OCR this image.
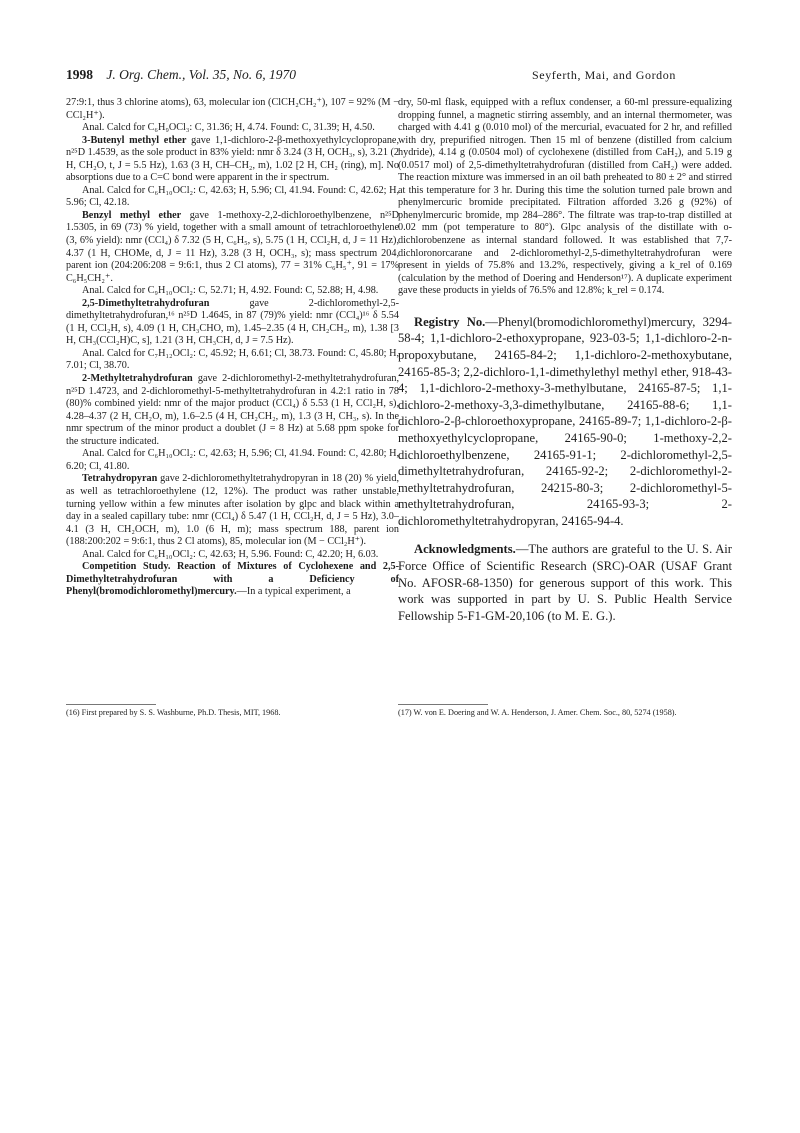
1998 J. Org. Chem., Vol. 35, No. 6, 1970	Seyferth, Mai, and Gordon

27:9:1, thus 3 chlorine atoms), 63, molecular ion (ClCH₂CH₂⁺), 107 = 92% (M − CCl₂H⁺).

Anal. Calcd for C₆H₉OCl₃: C, 31.36; H, 4.74. Found: C, 31.39; H, 4.50.

3-Butenyl methyl ether gave 1,1-dichloro-2-β-methoxyethylcyclopropane, n²⁵D 1.4539, as the sole product in 83% yield: nmr δ 3.24 (3 H, OCH₃, s), 3.21 (2 H, CH₂O, t, J = 5.5 Hz), 1.63 (3 H, CH–CH₂, m), 1.02 [2 H, CH₂ (ring), m]. No absorptions due to a C=C bond were apparent in the ir spectrum.

Anal. Calcd for C₆H₁₀OCl₂: C, 42.63; H, 5.96; Cl, 41.94. Found: C, 42.62; H, 5.96; Cl, 42.18.

Benzyl methyl ether gave 1-methoxy-2,2-dichloroethylbenzene, n²⁵D 1.5305, in 69 (73) % yield, together with a small amount of tetrachloroethylene (3, 6% yield): nmr (CCl₄) δ 7.32 (5 H, C₆H₅, s), 5.75 (1 H, CCl₂H, d, J = 11 Hz), 4.37 (1 H, CHOMe, d, J = 11 Hz), 3.28 (3 H, OCH₃, s); mass spectrum 204, parent ion (204:206:208 = 9:6:1, thus 2 Cl atoms), 77 = 31% C₆H₅⁺, 91 = 17% C₆H₅CH₂⁺.

Anal. Calcd for C₉H₁₀OCl₂: C, 52.71; H, 4.92. Found: C, 52.88; H, 4.98.

2,5-Dimethyltetrahydrofuran gave 2-dichloromethyl-2,5-dimethyltetrahydrofuran,¹⁶ n²⁵D 1.4645, in 87 (79)% yield: nmr (CCl₄)¹⁶ δ 5.54 (1 H, CCl₂H, s), 4.09 (1 H, CH₃CHO, m), 1.45–2.35 (4 H, CH₂CH₂, m), 1.38 [3 H, CH₃(CCl₂H)C, s], 1.21 (3 H, CH₃CH, d, J = 7.5 Hz).

Anal. Calcd for C₇H₁₂OCl₂: C, 45.92; H, 6.61; Cl, 38.73. Found: C, 45.80; H, 7.01; Cl, 38.70.

2-Methyltetrahydrofuran gave 2-dichloromethyl-2-methyltetrahydrofuran, n²⁵D 1.4723, and 2-dichloromethyl-5-methyltetrahydrofuran in 4.2:1 ratio in 78 (80)% combined yield: nmr of the major product (CCl₄) δ 5.53 (1 H, CCl₂H, s), 4.28–4.37 (2 H, CH₂O, m), 1.6–2.5 (4 H, CH₂CH₂, m), 1.3 (3 H, CH₃, s). In the nmr spectrum of the minor product a doublet (J = 8 Hz) at 5.68 ppm spoke for the structure indicated.

Anal. Calcd for C₆H₁₀OCl₂: C, 42.63; H, 5.96; Cl, 41.94. Found: C, 42.80; H, 6.20; Cl, 41.80.

Tetrahydropyran gave 2-dichloromethyltetrahydropyran in 18 (20) % yield, as well as tetrachloroethylene (12, 12%). The product was rather unstable, turning yellow within a few minutes after isolation by glpc and black within a day in a sealed capillary tube: nmr (CCl₄) δ 5.47 (1 H, CCl₂H, d, J = 5 Hz), 3.0–4.1 (3 H, CH₂OCH, m), 1.0 (6 H, m); mass spectrum 188, parent ion (188:200:202 = 9:6:1, thus 2 Cl atoms), 85, molecular ion (M − CCl₂H⁺).

Anal. Calcd for C₆H₁₀OCl₂: C, 42.63; H, 5.96. Found: C, 42.20; H, 6.03.

Competition Study. Reaction of Mixtures of Cyclohexene and 2,5-Dimethyltetrahydrofuran with a Deficiency of Phenyl(bromodichloromethyl)mercury.—In a typical experiment, a

dry, 50-ml flask, equipped with a reflux condenser, a 60-ml pressure-equalizing dropping funnel, a magnetic stirring assembly, and an internal thermometer, was charged with 4.41 g (0.010 mol) of the mercurial, evacuated for 2 hr, and refilled with dry, prepurified nitrogen. Then 15 ml of benzene (distilled from calcium hydride), 4.14 g (0.0504 mol) of cyclohexene (distilled from CaH₂), and 5.19 g (0.0517 mol) of 2,5-dimethyltetrahydrofuran (distilled from CaH₂) were added. The reaction mixture was immersed in an oil bath preheated to 80 ± 2° and stirred at this temperature for 3 hr. During this time the solution turned pale brown and phenylmercuric bromide precipitated. Filtration afforded 3.26 g (92%) of phenylmercuric bromide, mp 284–286°. The filtrate was trap-to-trap distilled at 0.02 mm (pot temperature to 80°). Glpc analysis of the distillate with o-dichlorobenzene as internal standard followed. It was established that 7,7-dichloronorcarane and 2-dichloromethyl-2,5-dimethyltetrahydrofuran were present in yields of 75.8% and 13.2%, respectively, giving a k_rel of 0.169 (calculation by the method of Doering and Henderson¹⁷). A duplicate experiment gave these products in yields of 76.5% and 12.8%; k_rel = 0.174.

Registry No.—Phenyl(bromodichloromethyl)mercury, 3294-58-4; 1,1-dichloro-2-ethoxypropane, 923-03-5; 1,1-dichloro-2-n-propoxybutane, 24165-84-2; 1,1-dichloro-2-methoxybutane, 24165-85-3; 2,2-dichloro-1,1-dimethylethyl methyl ether, 918-43-4; 1,1-dichloro-2-methoxy-3-methylbutane, 24165-87-5; 1,1-dichloro-2-methoxy-3,3-dimethylbutane, 24165-88-6; 1,1-dichloro-2-β-chloroethoxypropane, 24165-89-7; 1,1-dichloro-2-β-methoxyethylcyclopropane, 24165-90-0; 1-methoxy-2,2-dichloroethylbenzene, 24165-91-1; 2-dichloromethyl-2,5-dimethyltetrahydrofuran, 24165-92-2; 2-dichloromethyl-2-methyltetrahydrofuran, 24215-80-3; 2-dichloromethyl-5-methyltetrahydrofuran, 24165-93-3; 2-dichloromethyltetrahydropyran, 24165-94-4.

Acknowledgments.—The authors are grateful to the U. S. Air Force Office of Scientific Research (SRC)-OAR (USAF Grant No. AFOSR-68-1350) for generous support of this work. This work was supported in part by U. S. Public Health Service Fellowship 5-F1-GM-20,106 (to M. E. G.).

(16) First prepared by S. S. Washburne, Ph.D. Thesis, MIT, 1968.	(17) W. von E. Doering and W. A. Henderson, J. Amer. Chem. Soc., 80, 5274 (1958).
